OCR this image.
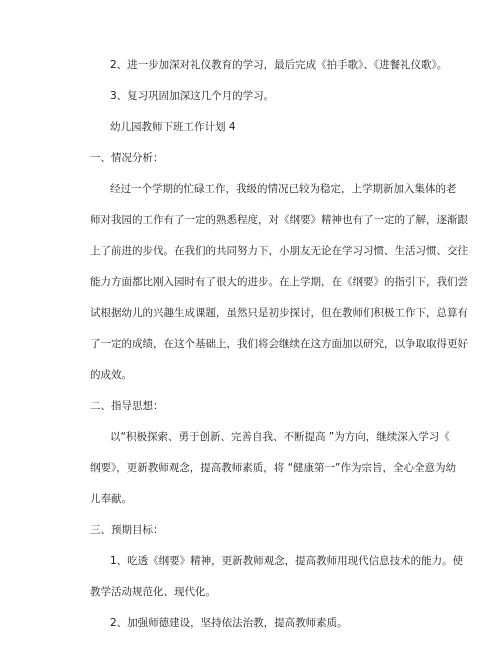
2、进一步加深对礼仪教育的学习，最后完成《拍手歌》、《进餐礼仪歌》。
3、复习巩固加深这几个月的学习。
幼儿园教师下班工作计划 4
一、情况分析：
经过一个学期的忙碌工作，我级的情况已较为稳定，上学期新加入集体的老
师对我园的工作有了一定的熟悉程度，对《纲要》精神也有了一定的了解，逐渐跟
上了前进的步伐。在我们的共同努力下，小朋友无论在学习习惯、生活习惯、交往
能力方面都比刚入园时有了很大的进步。在上学期，在《纲要》的指引下，我们尝
试根据幼儿的兴趣生成课题，虽然只是初步探讨，但在教师们积极工作下，总算有
了一定的成绩，在这个基础上，我们将会继续在这方面加以研究，以争取取得更好
的成效。
二、指导思想：
以“积极探索、勇于创新、完善自我、不断提高 ”为方向，继续深入学习《
纲要》，更新教师观念，提高教师素质，将 “健康第一”作为宗旨，全心全意为幼
儿奉献。
三、预期目标：
1、吃透《纲要》精神，更新教师观念，提高教师用现代信息技术的能力。使
教学活动规范化、现代化。
2、加强师德建设，坚持依法治教，提高教师素质。
